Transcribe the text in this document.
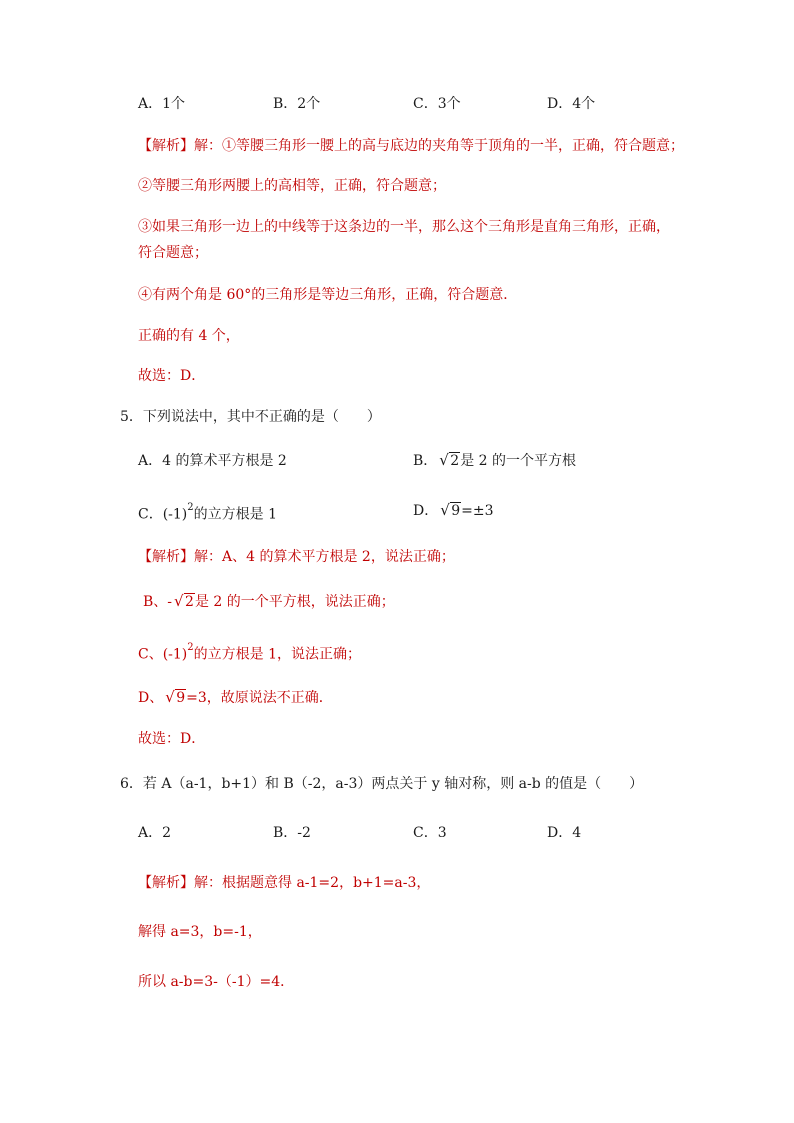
A．1个	B．2个	C．3个	D．4个
【解析】解：①等腰三角形一腰上的高与底边的夹角等于顶角的一半，正确，符合题意；
②等腰三角形两腰上的高相等，正确，符合题意；
③如果三角形一边上的中线等于这条边的一半，那么这个三角形是直角三角形，正确，
符合题意；
④有两个角是 60°的三角形是等边三角形，正确，符合题意．
正确的有 4 个，
故选：D．
5．下列说法中，其中不正确的是（　　）
A．4 的算术平方根是 2	B． √ 2是 2 的一个平方根
C．$(-1)^2$的立方根是 1	D． √ 9=±3
【解析】解：A、4 的算术平方根是 2，说法正确；
B、- √ 2是 2 的一个平方根，说法正确；
C、$(-1)^2$的立方根是 1，说法正确；
D、 √ 9=3，故原说法不正确．
故选：D．
6．若 A（a-1，b+1）和 B（-2，a-3）两点关于 y 轴对称，则 a-b 的值是（　　）
A．2	B．-2	C．3	D．4
【解析】解：根据题意得 a-1=2，b+1=a-3，
解得 a=3，b=-1，
所以 a-b=3-（-1）=4．
